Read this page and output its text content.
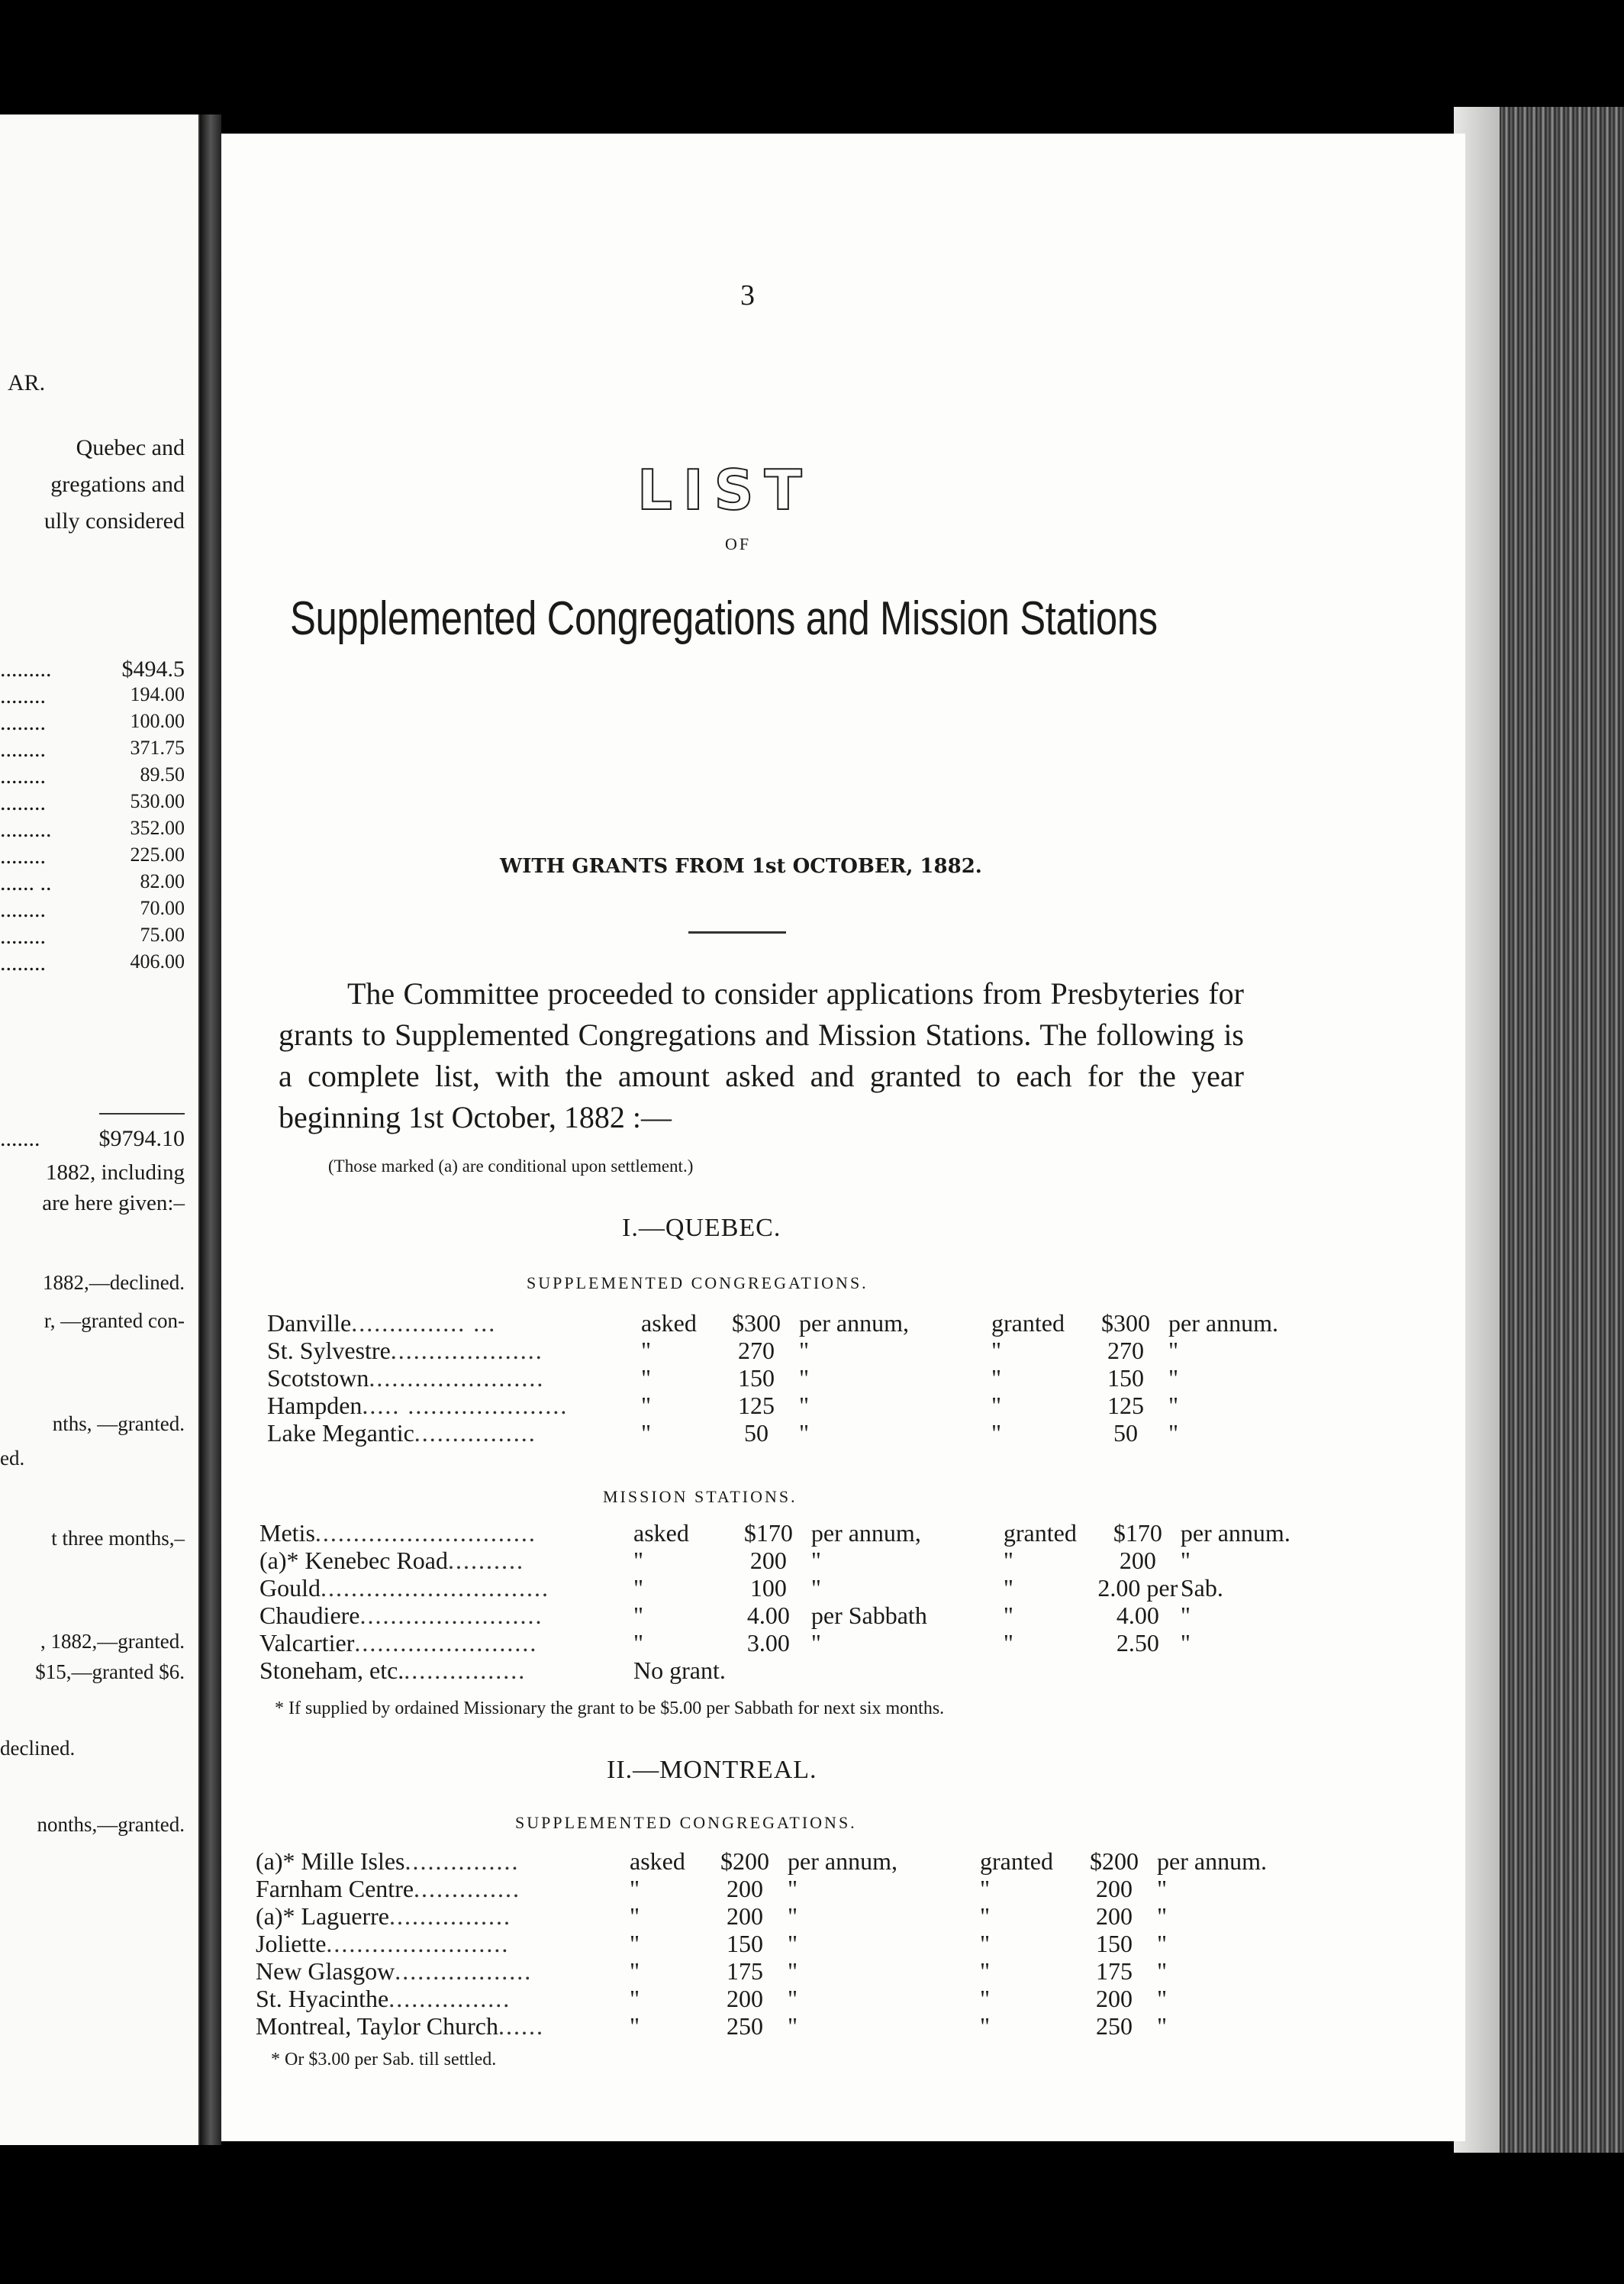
AR.
Quebec and
gregations and
ully considered
.........	$494.5
........	194.00
........	100.00
........	371.75
........	89.50
........	530.00
.........	352.00
........	225.00
...... ..	82.00
........	70.00
........	75.00
........	406.00
.......	$9794.10
1882, including
are here given:–
1882,—declined.
r, —granted con-
nths, —granted.
ed.
t three months,–
, 1882,—granted.
$15,—granted $6.
declined.
nonths,—granted.
3
LIST
OF
Supplemented Congregations and Mission Stations
WITH GRANTS FROM 1st OCTOBER, 1882.

The Committee proceeded to consider applications from Presbyteries for grants to Supplemented Congregations and Mission Stations. The following is a complete list, with the amount asked and granted to each for the year beginning 1st October, 1882 :—

(Those marked (a) are conditional upon settlement.)
I.—QUEBEC.
SUPPLEMENTED CONGREGATIONS.
Danville............... ...	asked	$300	per annum,	granted	$300	per annum.

St. Sylvestre....................	"	270	"	"	270	"

Scotstown.......................	"	150	"	"	150	"

Hampden..... .....................	"	125	"	"	125	"

Lake Megantic................	"	50	"	"	50	"
MISSION STATIONS.
Metis.............................	asked	$170	per annum,	granted	$170	per annum.

(a)* Kenebec Road..........	"	200	"	"	200	"

Gould..............................	"	100	"	"	2.00 per	Sab.

Chaudiere........................	"	4.00	per Sabbath	"	4.00	"

Valcartier........................	"	3.00	"	"	2.50	"

Stoneham, etc.................	No grant.					
* If supplied by ordained Missionary the grant to be $5.00 per Sabbath for next six months.
II.—MONTREAL.
SUPPLEMENTED CONGREGATIONS.
(a)* Mille Isles...............	asked	$200	per annum,	granted	$200	per annum.

Farnham Centre..............	"	200	"	"	200	"

(a)* Laguerre................	"	200	"	"	200	"

Joliette........................	"	150	"	"	150	"

New Glasgow..................	"	175	"	"	175	"

St. Hyacinthe................	"	200	"	"	200	"

Montreal, Taylor Church......	"	250	"	"	250	"
* Or $3.00 per Sab. till settled.
